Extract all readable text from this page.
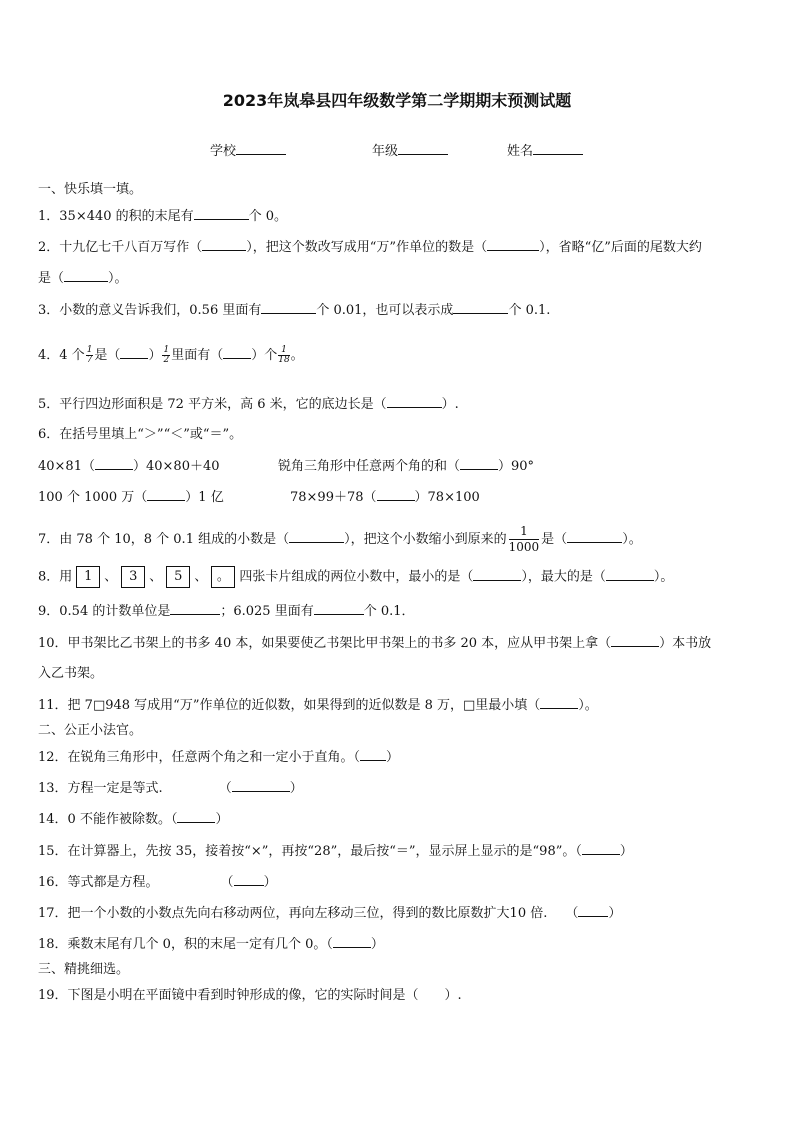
2023年岚皋县四年级数学第二学期期末预测试题
学校	年级	姓名
一、快乐填一填。
1．35×440 的积的末尾有	个 0。
2．十九亿七千八百万写作（	），把这个数改写成用“万”作单位的数是（	），省略“亿”后面的尾数大约
是（	）。
3．小数的意义告诉我们，0.56 里面有	个 0.01，也可以表示成	个 0.1.
4．4 个 $\frac{1}{7}$ 是（ ） $\frac{1}{2}$ 里面有（ ）个 $\frac{1}{18}$ 。
5．平行四边形面积是 72 平方米，高 6 米，它的底边长是（	）.
6．在括号里填上“＞”“＜”或“＝”。
40×81（	）40×80＋40	锐角三角形中任意两个角的和（	）90°
100 个 1000 万（	）1 亿	78×99＋78（	）78×100
7．由 78 个 10，8 个 0.1 组成的小数是（	），把这个小数缩小到原来的 $\frac{1}{1000}$ 是（	）。
8．用 1 、 3 、 5 、 。 四张卡片组成的两位小数中，最小的是（	），最大的是（	）。
9．0.54 的计数单位是	；6.025 里面有	个 0.1．
10．甲书架比乙书架上的书多 40 本，如果要使乙书架比甲书架上的书多 20 本，应从甲书架上拿（	）本书放
入乙书架。
11．把 7□948 写成用“万”作单位的近似数，如果得到的近似数是 8 万，□里最小填（	）。
二、公正小法官。
12．在锐角三角形中，任意两个角之和一定小于直角。（ ）
13．方程一定是等式.	（	）
14．0 不能作被除数。（	）
15．在计算器上，先按 35，接着按“×”，再按“28”，最后按“＝”，显示屏上显示的是“98”。（	）
16．等式都是方程。	（ ）
17．把一个小数的小数点先向右移动两位，再向左移动三位，得到的数比原数扩大10 倍. （ ）
18．乘数末尾有几个 0，积的末尾一定有几个 0。（	）
三、精挑细选。
19．下图是小明在平面镜中看到时钟形成的像，它的实际时间是（ ）.
